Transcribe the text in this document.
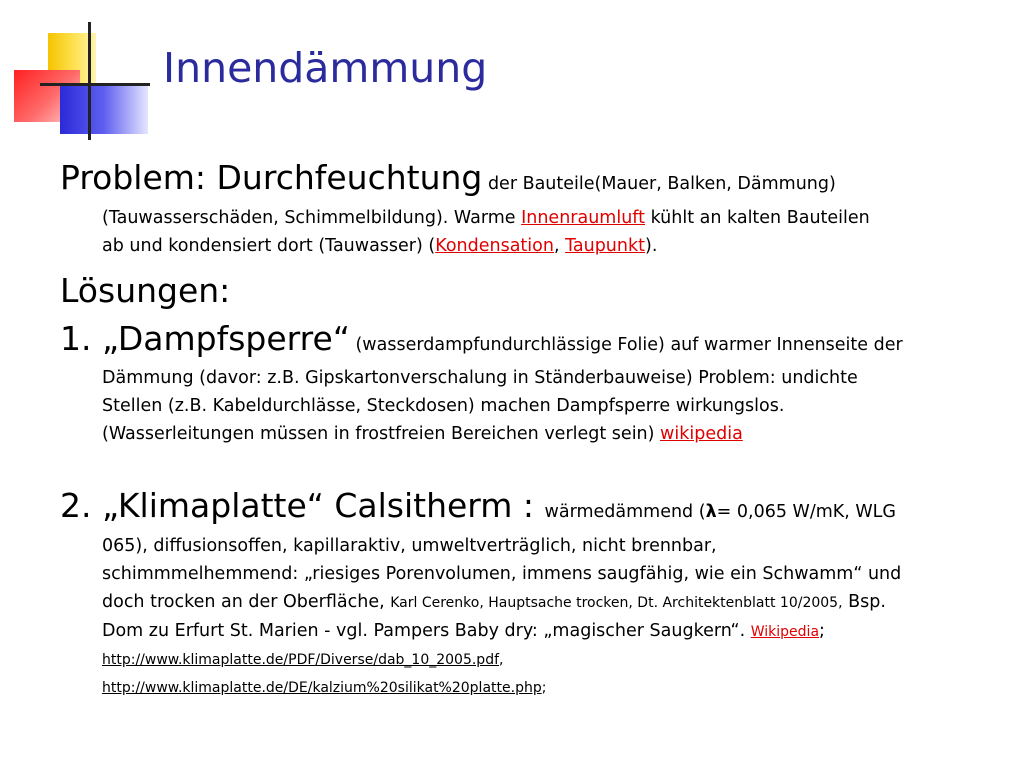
Innendämmung
Problem: Durchfeuchtung der Bauteile(Mauer, Balken, Dämmung)
(Tauwasserschäden, Schimmelbildung). Warme Innenraumluft kühlt an kalten Bauteilen
ab und kondensiert dort (Tauwasser) (Kondensation, Taupunkt).
Lösungen:
1. „Dampfsperre“ (wasserdampfundurchlässige Folie) auf warmer Innenseite der
Dämmung (davor: z.B. Gipskartonverschalung in Ständerbauweise) Problem: undichte
Stellen (z.B. Kabeldurchlässe, Steckdosen) machen Dampfsperre wirkungslos.
(Wasserleitungen müssen in frostfreien Bereichen verlegt sein) wikipedia
2. „Klimaplatte“ Calsitherm : wärmedämmend (λ= 0,065 W/mK, WLG
065), diffusionsoffen, kapillaraktiv, umweltverträglich, nicht brennbar,
schimmmelhemmend: „riesiges Porenvolumen, immens saugfähig, wie ein Schwamm“ und
doch trocken an der Oberfläche, Karl Cerenko, Hauptsache trocken, Dt. Architektenblatt 10/2005, Bsp.
Dom zu Erfurt St. Marien - vgl. Pampers Baby dry: „magischer Saugkern“. Wikipedia;
http://www.klimaplatte.de/PDF/Diverse/dab_10_2005.pdf,
http://www.klimaplatte.de/DE/kalzium%20silikat%20platte.php;
